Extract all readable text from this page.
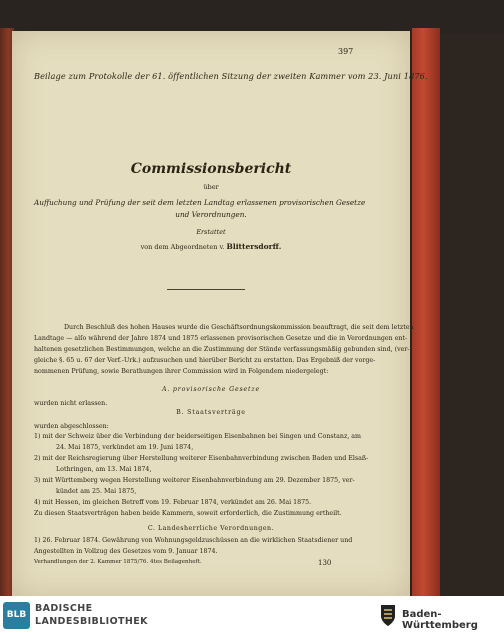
397
Beilage zum Protokolle der 61. öffentlichen Sitzung der zweiten Kammer vom 23. Juni 1876.
Commissionsbericht
über
Auffuchung und Prüfung der seit dem letzten Landtag erlassenen provisorischen Gesetze
und Verordnungen.
Erstattet
von dem Abgeordneten v. Blittersdorff.
Durch Beschluß des hohen Hauses wurde die Geschäftsordnungskommission beauftragt, die seit dem letzten
Landtage — alſo während der Jahre 1874 und 1875 erlassenen provisorischen Gesetze und die in Verordnungen ent-
haltenen gesetzlichen Bestimmungen, welche an die Zustimmung der Stände verfassungsmäßig gebunden sind, (ver-
gleiche §. 65 u. 67 der Verf.-Urk.) aufzusuchen und hierüber Bericht zu erstatten. Das Ergebniß der vorge-
nommenen Prüfung, sowie Berathungen ihrer Commission wird in Folgendem niedergelegt:
A. provisorische Gesetze
wurden nicht erlassen.
B. Staatsverträge
wurden abgeschlossen:
1) mit der Schweiz über die Verbindung der beiderseitigen Eisenbahnen bei Singen und Constanz, am
24. Mai 1875, verkündet am 19. Juni 1874,
2) mit der Reichsregierung über Herstellung weiterer Eisenbahnverbindung zwischen Baden und Elsaß-
Lothringen, am 13. Mai 1874,
3) mit Württemberg wegen Herstellung weiterer Eisenbahnverbindung am 29. Dezember 1875, ver-
kündet am 25. Mai 1875,
4) mit Hessen, im gleichen Betreff vom 19. Februar 1874, verkündet am 26. Mai 1875.
Zu diesen Staatsverträgen haben beide Kammern, soweit erforderlich, die Zustimmung ertheilt.
C. Landesherrliche Verordnungen.
1) 26. Februar 1874. Gewährung von Wohnungsgeldzuschüssen an die wirklichen Staatsdiener und
Angestellten in Vollzug des Gesetzes vom 9. Januar 1874.
Verhandlungen der 2. Kammer 1875/76. 4tes Beilagenheft.	130
BLB
BADISCHE
LANDESBIBLIOTHEK
Baden-Württemberg
